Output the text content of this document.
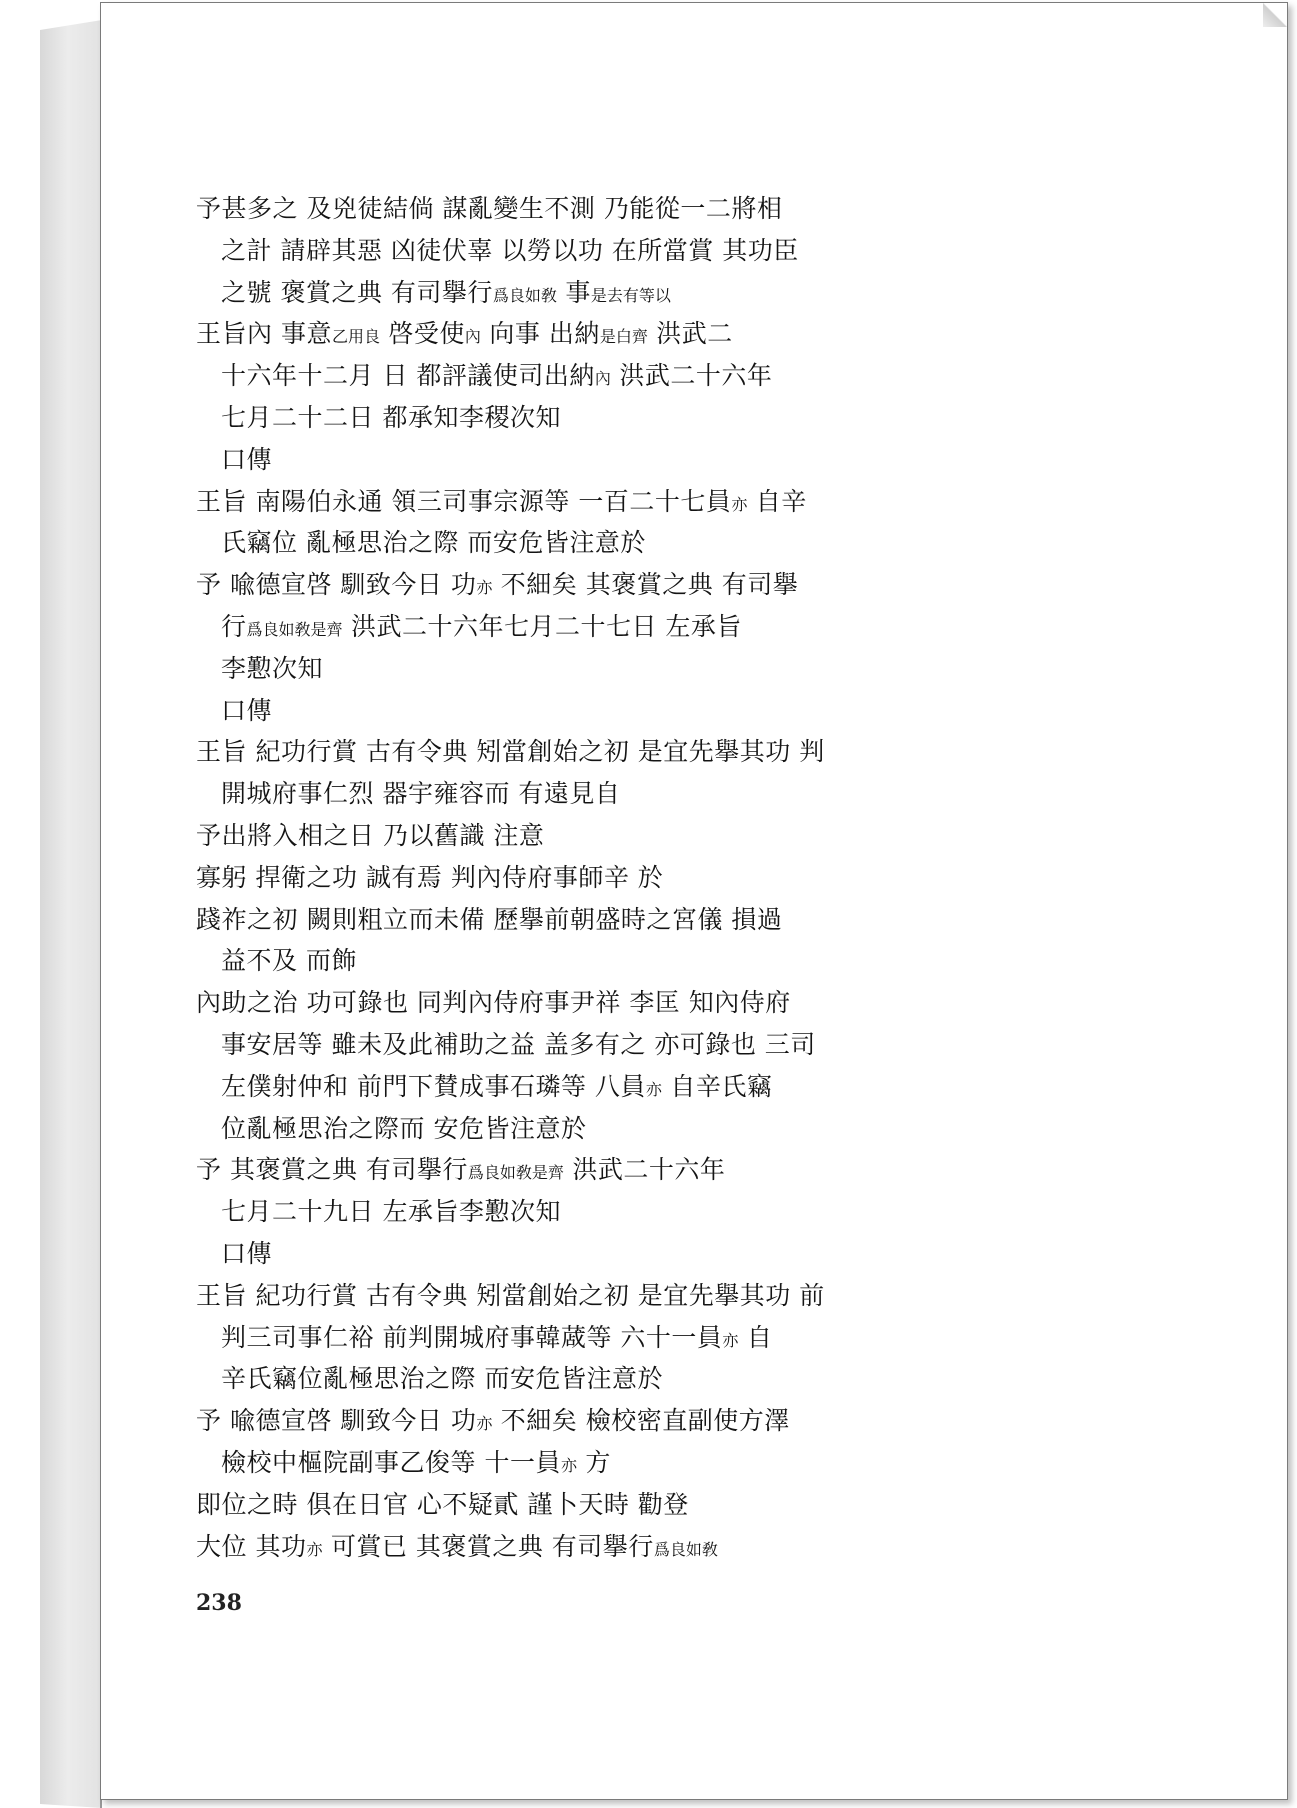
予甚多之 及兇徒結倘 謀亂變生不測 乃能從一二將相
之計 請辟其惡 凶徒伏辜 以勞以功 在所當賞 其功臣
之號 褒賞之典 有司擧行爲良如敎 事是去有等以
王旨內 事意乙用良 啓受使內 向事 出納是白齊 洪武二
十六年十二月 日 都評議使司出納內 洪武二十六年
七月二十二日 都承知李稷次知
口傳
王旨 南陽伯永通 領三司事宗源等 一百二十七員亦 自辛
氏竊位 亂極思治之際 而安危皆注意於
予 喩德宣啓 馴致今日 功亦 不細矣 其褒賞之典 有司擧
行爲良如敎是齊 洪武二十六年七月二十七日 左承旨
李懃次知
口傳
王旨 紀功行賞 古有令典 矧當創始之初 是宜先擧其功 判
開城府事仁烈 器宇雍容而 有遠見自
予出將入相之日 乃以舊識 注意
寡躬 捍衛之功 誠有焉 判內侍府事師辛 於
踐祚之初 闕則粗立而未備 歷擧前朝盛時之宮儀 損過
益不及 而飾
內助之治 功可錄也 同判內侍府事尹祥 李匡 知內侍府
事安居等 雖未及此補助之益 盖多有之 亦可錄也 三司
左僕射仲和 前門下賛成事石璘等 八員亦 自辛氏竊
位亂極思治之際而 安危皆注意於
予 其褒賞之典 有司擧行爲良如敎是齊 洪武二十六年
七月二十九日 左承旨李懃次知
口傳
王旨 紀功行賞 古有令典 矧當創始之初 是宜先擧其功 前
判三司事仁裕 前判開城府事韓蒧等 六十一員亦 自
辛氏竊位亂極思治之際 而安危皆注意於
予 喩德宣啓 馴致今日 功亦 不細矣 檢校密直副使方澤
檢校中樞院副事乙俊等 十一員亦 方
即位之時 俱在日官 心不疑貳 謹卜天時 勸登
大位 其功亦 可賞已 其褒賞之典 有司擧行爲良如敎
238
